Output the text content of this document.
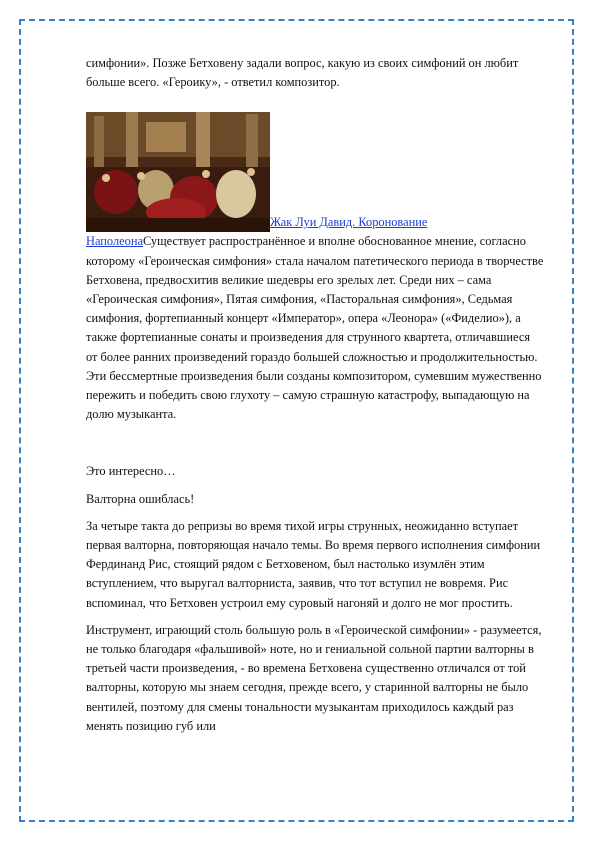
симфонии». Позже Бетховену задали вопрос, какую из своих симфоний он любит больше всего. «Героику», - ответил композитор.

Жак Луи Давид. Коронование

НаполеонаСуществует распространённое и вполне обоснованное мнение, согласно которому «Героическая симфония» стала началом патетического периода в творчестве Бетховена, предвосхитив великие шедевры его зрелых лет. Среди них – сама «Героическая симфония», Пятая симфония, «Пасторальная симфония», Седьмая симфония, фортепианный концерт «Император», опера «Леонора» («Фиделио»), а также фортепианные сонаты и произведения для струнного квартета, отличавшиеся от более ранних произведений гораздо большей сложностью и продолжительностью. Эти бессмертные произведения были созданы композитором, сумевшим мужественно пережить и победить свою глухоту – самую страшную катастрофу, выпадающую на долю музыканта.

Это интересно…

Валторна ошиблась!

За четыре такта до репризы во время тихой игры струнных, неожиданно вступает первая валторна, повторяющая начало темы. Во время первого исполнения симфонии Фердинанд Рис, стоящий рядом с Бетховеном, был настолько изумлён этим вступлением, что выругал валторниста, заявив, что тот вступил не вовремя. Рис вспоминал, что Бетховен устроил ему суровый нагоняй и долго не мог простить.

Инструмент, играющий столь большую роль в «Героической симфонии» - разумеется, не только благодаря «фальшивой» ноте, но и гениальной сольной партии валторны в третьей части произведения, - во времена Бетховена существенно отличался от той валторны, которую мы знаем сегодня, прежде всего, у старинной валторны не было вентилей, поэтому для смены тональности музыкантам приходилось каждый раз менять позицию губ или
